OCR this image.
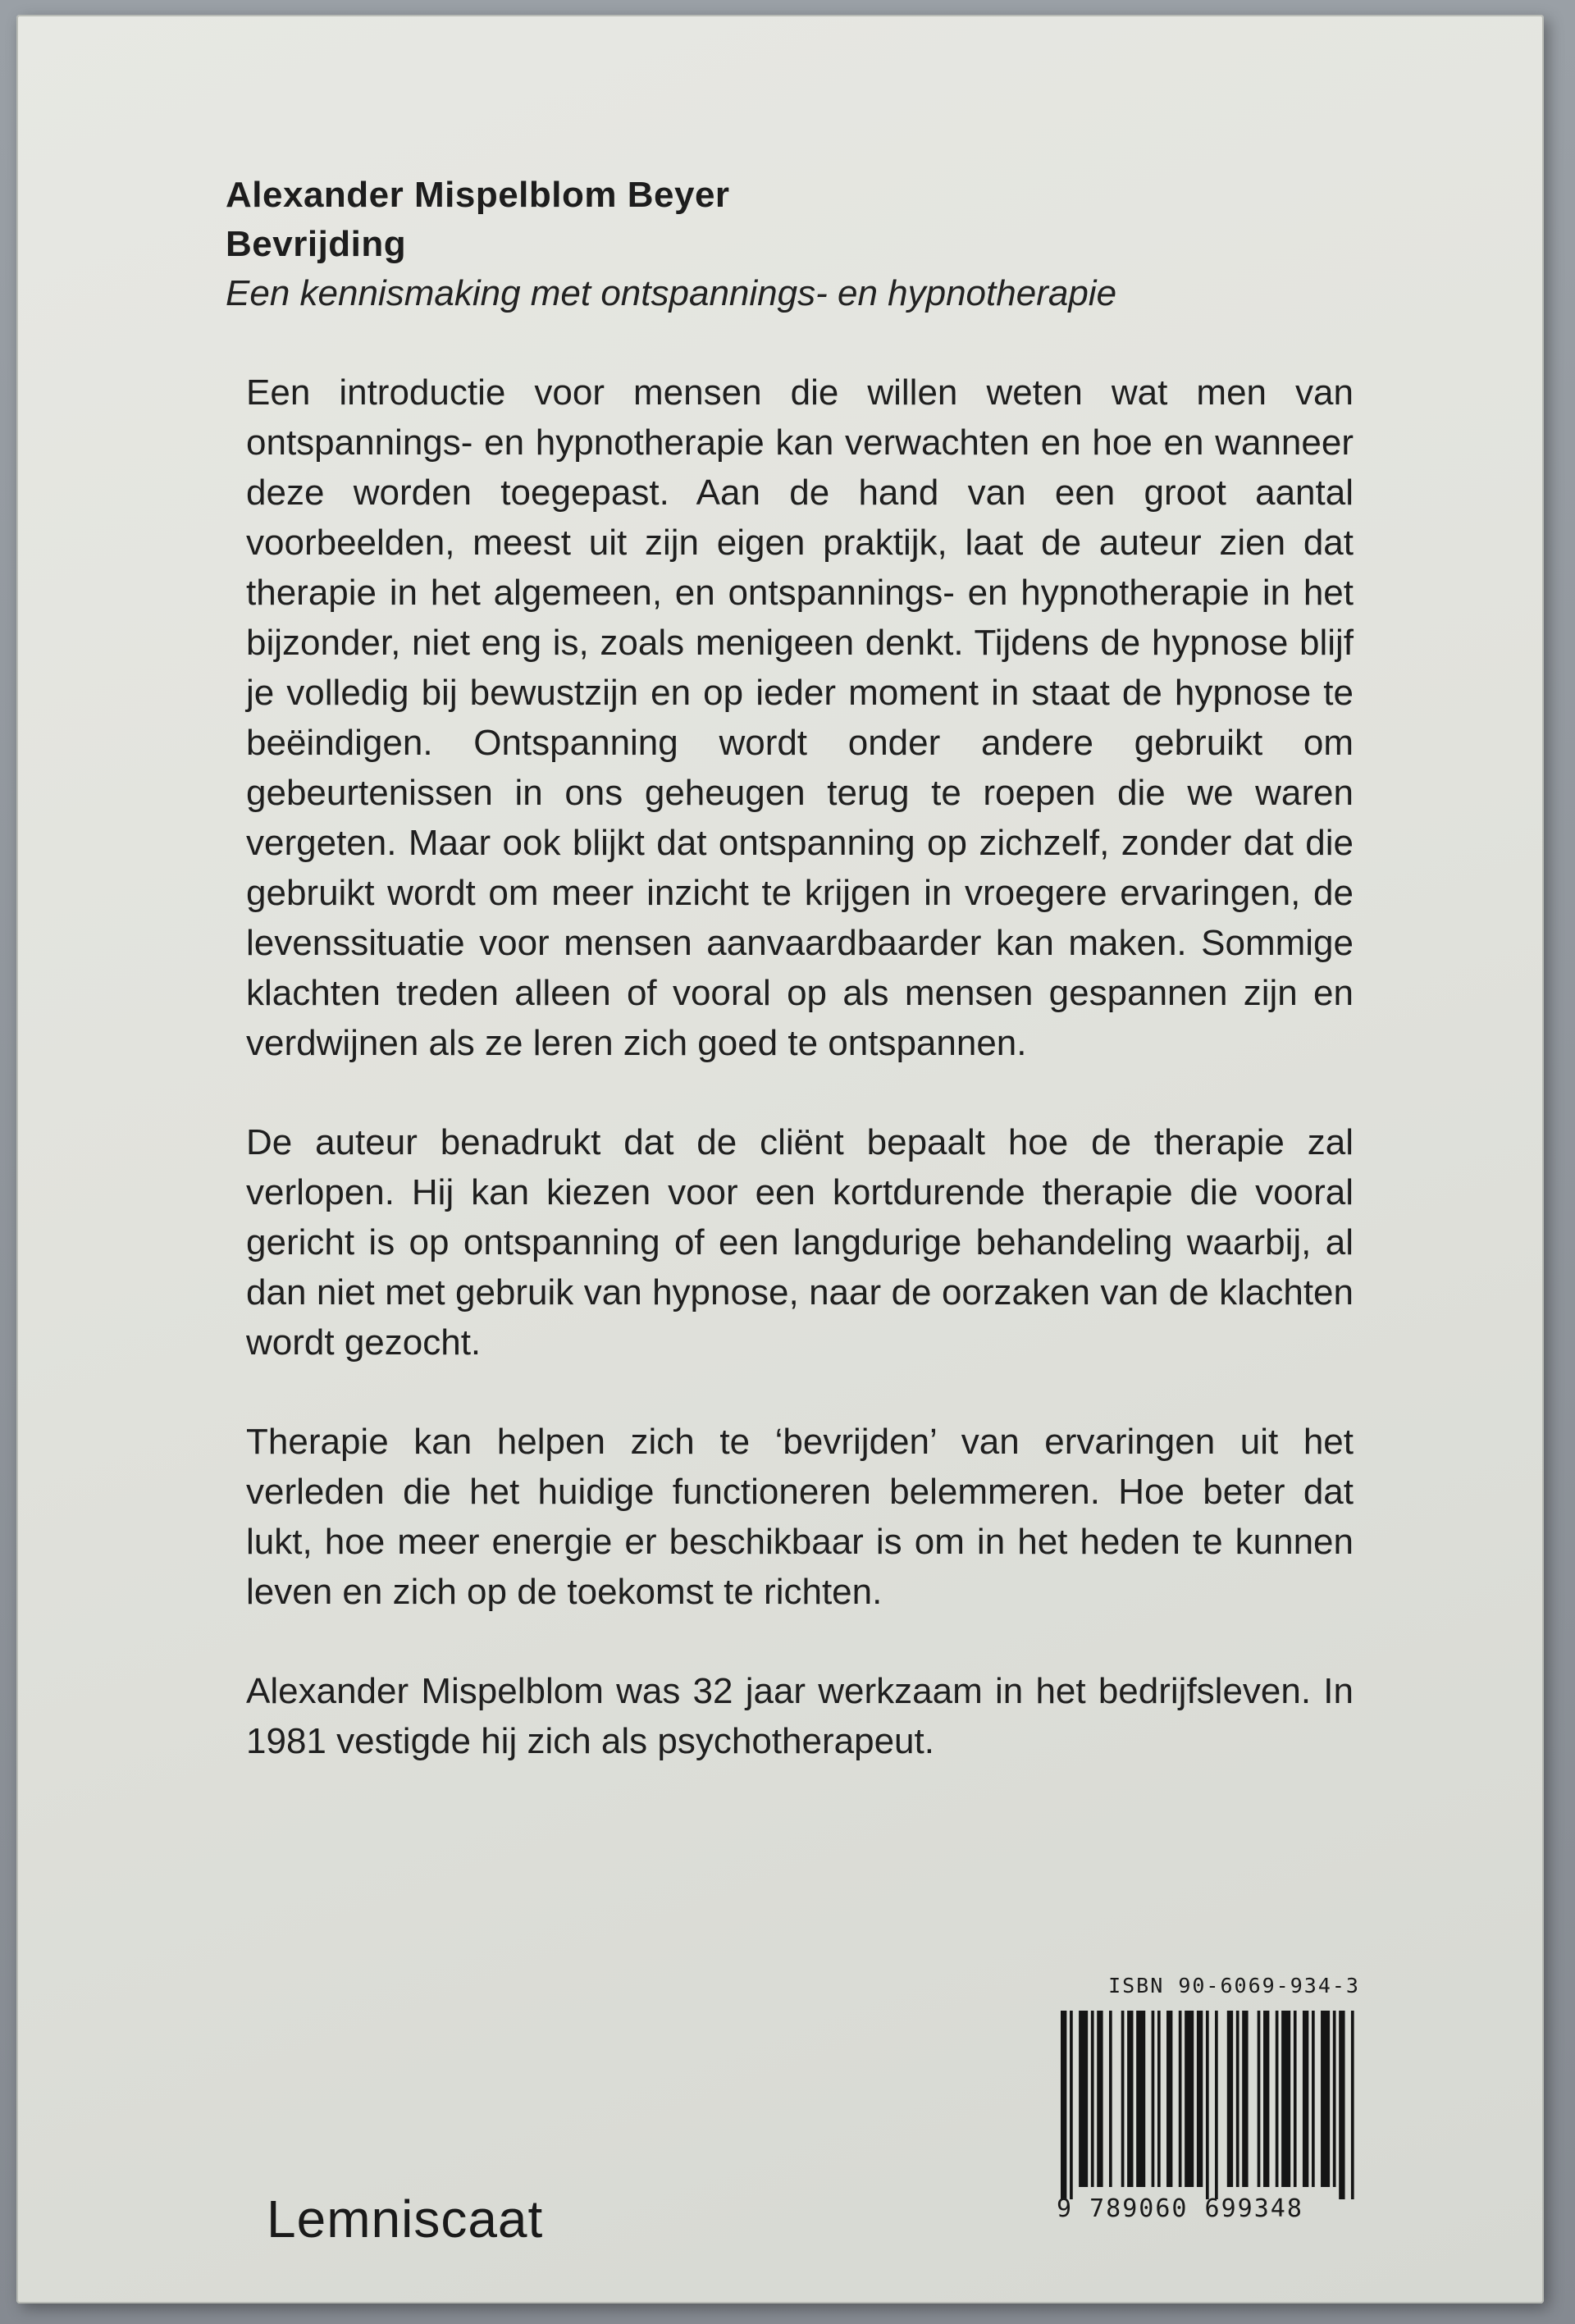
Alexander Mispelblom Beyer
Bevrijding
Een kennismaking met ontspannings- en hypnotherapie

Een introductie voor mensen die willen weten wat men van ontspannings- en hypnotherapie kan verwachten en hoe en wanneer deze worden toegepast. Aan de hand van een groot aantal voorbeelden, meest uit zijn eigen praktijk, laat de auteur zien dat therapie in het algemeen, en ontspannings- en hypnotherapie in het bijzonder, niet eng is, zoals menigeen denkt. Tijdens de hypnose blijf je volledig bij bewustzijn en op ieder moment in staat de hypnose te beëindigen. Ontspanning wordt onder andere gebruikt om gebeurtenissen in ons geheugen terug te roepen die we waren vergeten. Maar ook blijkt dat ontspanning op zichzelf, zonder dat die gebruikt wordt om meer inzicht te krijgen in vroegere ervaringen, de levenssituatie voor mensen aanvaardbaarder kan maken. Sommige klachten treden alleen of vooral op als mensen gespannen zijn en verdwijnen als ze leren zich goed te ontspannen.

De auteur benadrukt dat de cliënt bepaalt hoe de therapie zal verlopen. Hij kan kiezen voor een kortdurende therapie die vooral gericht is op ontspanning of een langdurige behandeling waarbij, al dan niet met gebruik van hypnose, naar de oorzaken van de klachten wordt gezocht.

Therapie kan helpen zich te ‘bevrijden’ van ervaringen uit het verleden die het huidige functioneren belemmeren. Hoe beter dat lukt, hoe meer energie er beschikbaar is om in het heden te kunnen leven en zich op de toekomst te richten.

Alexander Mispelblom was 32 jaar werkzaam in het bedrijfsleven. In 1981 vestigde hij zich als psychotherapeut.

ISBN 90-6069-934-3
9 789060 699348
Lemniscaat
